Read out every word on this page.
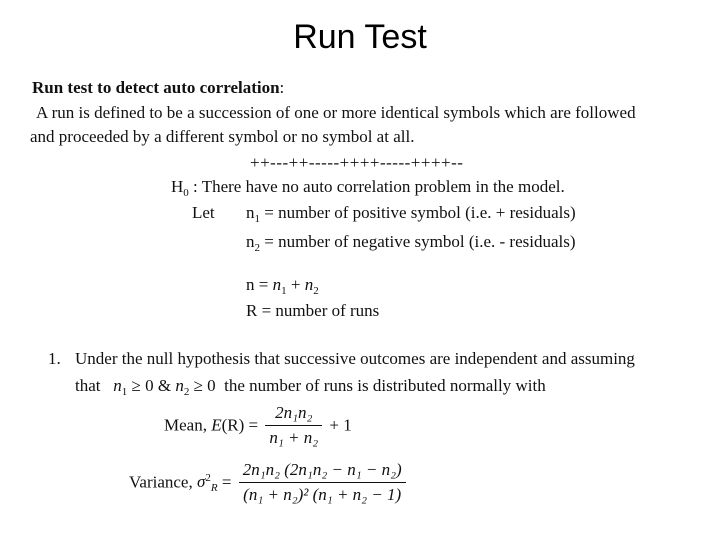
Run Test
Run test to detect auto correlation:
A run is defined to be a succession of one or more identical symbols which are followed
and proceeded by a different symbol or no symbol at all.
++---++-----++++-----++++--
$H_0$ : There have no auto correlation problem in the model.
Let $n_1$ = number of positive symbol (i.e. + residuals)
$n_2$ = number of negative symbol (i.e. - residuals)
$n = n_1 + n_2$
R = number of runs
1. Under the null hypothesis that successive outcomes are independent and assuming
that $n_1 \ge 0$ & $n_2 \ge 0$ the number of runs is distributed normally with
Mean, $E(R) = \frac{\text{2n₁n₂}}{\text{n₁ + n₂}} + 1$
Variance, $\sigma^2_R = \frac{\text{2n₁n₂ (2n₁n₂ − n₁ − n₂)}}{\text{(n₁ + n₂)² (n₁ + n₂ − 1)}}$
